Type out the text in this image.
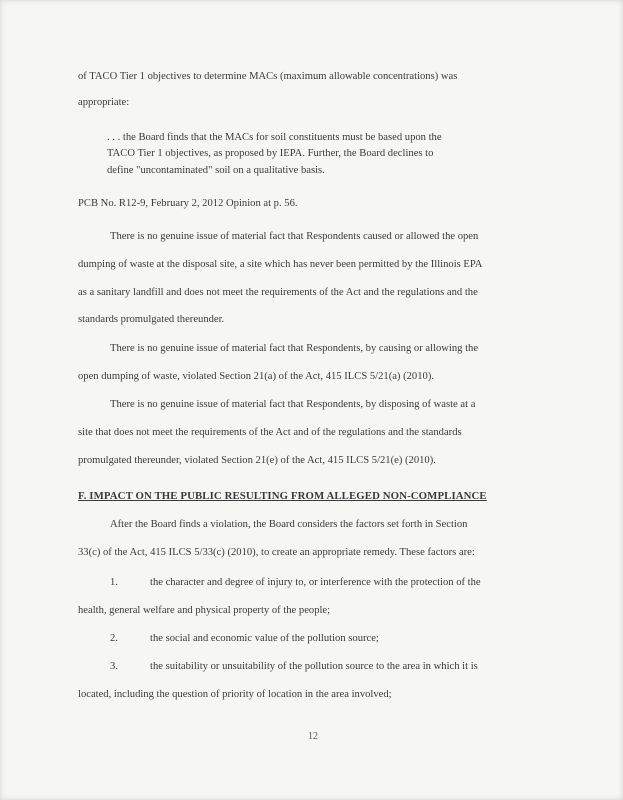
of TACO Tier 1 objectives to determine MACs (maximum allowable concentrations) was
appropriate:
. . . the Board finds that the MACs for soil constituents must be based upon the
TACO Tier 1 objectives, as proposed by IEPA. Further, the Board declines to
define "uncontaminated" soil on a qualitative basis.
PCB No. R12-9, February 2, 2012 Opinion at p. 56.
There is no genuine issue of material fact that Respondents caused or allowed the open
dumping of waste at the disposal site, a site which has never been permitted by the Illinois EPA
as a sanitary landfill and does not meet the requirements of the Act and the regulations and the
standards promulgated thereunder.
There is no genuine issue of material fact that Respondents, by causing or allowing the
open dumping of waste, violated Section 21(a) of the Act, 415 ILCS 5/21(a) (2010).
There is no genuine issue of material fact that Respondents, by disposing of waste at a
site that does not meet the requirements of the Act and of the regulations and the standards
promulgated thereunder, violated Section 21(e) of the Act, 415 ILCS 5/21(e) (2010).
F. IMPACT ON THE PUBLIC RESULTING FROM ALLEGED NON-COMPLIANCE
After the Board finds a violation, the Board considers the factors set forth in Section
33(c) of the Act, 415 ILCS 5/33(c) (2010), to create an appropriate remedy. These factors are:
1.	the character and degree of injury to, or interference with the protection of the
health, general welfare and physical property of the people;
2.	the social and economic value of the pollution source;
3.	the suitability or unsuitability of the pollution source to the area in which it is
located, including the question of priority of location in the area involved;
12
